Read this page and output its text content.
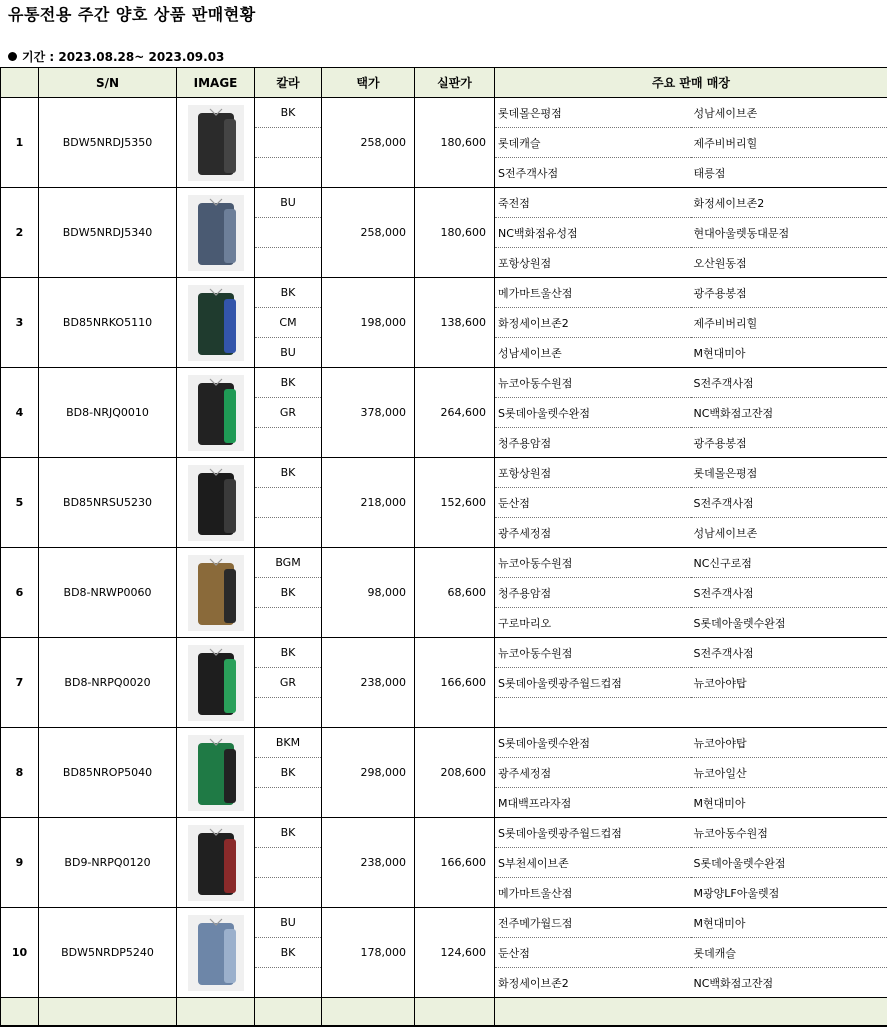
유통전용 주간 양호 상품 판매현황
기간 : 2023.08.28~ 2023.09.03
	S/N	IMAGE	칼라	택가	실판가	주요 판매 매장	
1	BDW5NRDJ5350		BK	258,000	180,600	롯데몰은평점	성남세이브존
						롯데캐슬	제주비버리힐
						S전주객사점	태릉점
2	BDW5NRDJ5340		BU	258,000	180,600	죽전점	화정세이브존2
						NC백화점유성점	현대아울렛동대문점
						포항상원점	오산원동점
3	BD85NRKO5110		BK	198,000	138,600	메가마트울산점	광주용봉점
			CM			화정세이브존2	제주비버리힐
			BU			성남세이브존	M현대미아
4	BD8-NRJQ0010		BK	378,000	264,600	뉴코아동수원점	S전주객사점
			GR			S롯데아울렛수완점	NC백화점고잔점
						청주용암점	광주용봉점
5	BD85NRSU5230		BK	218,000	152,600	포항상원점	롯데몰은평점
						둔산점	S전주객사점
						광주세정점	성남세이브존
6	BD8-NRWP0060		BGM	98,000	68,600	뉴코아동수원점	NC신구로점
			BK			청주용암점	S전주객사점
						구로마리오	S롯데아울렛수완점
7	BD8-NRPQ0020		BK	238,000	166,600	뉴코아동수원점	S전주객사점
			GR			S롯데아울렛광주월드컵점	뉴코아야탑

8	BD85NROP5040		BKM	298,000	208,600	S롯데아울렛수완점	뉴코아야탑
			BK			광주세정점	뉴코아일산
						M대백프라자점	M현대미아
9	BD9-NRPQ0120		BK	238,000	166,600	S롯데아울렛광주월드컵점	뉴코아동수원점
						S부천세이브존	S롯데아울렛수완점
						메가마트울산점	M광양LF아울렛점
10	BDW5NRDP5240		BU	178,000	124,600	전주메가월드점	M현대미아
			BK			둔산점	롯데캐슬
						화정세이브존2	NC백화점고잔점
